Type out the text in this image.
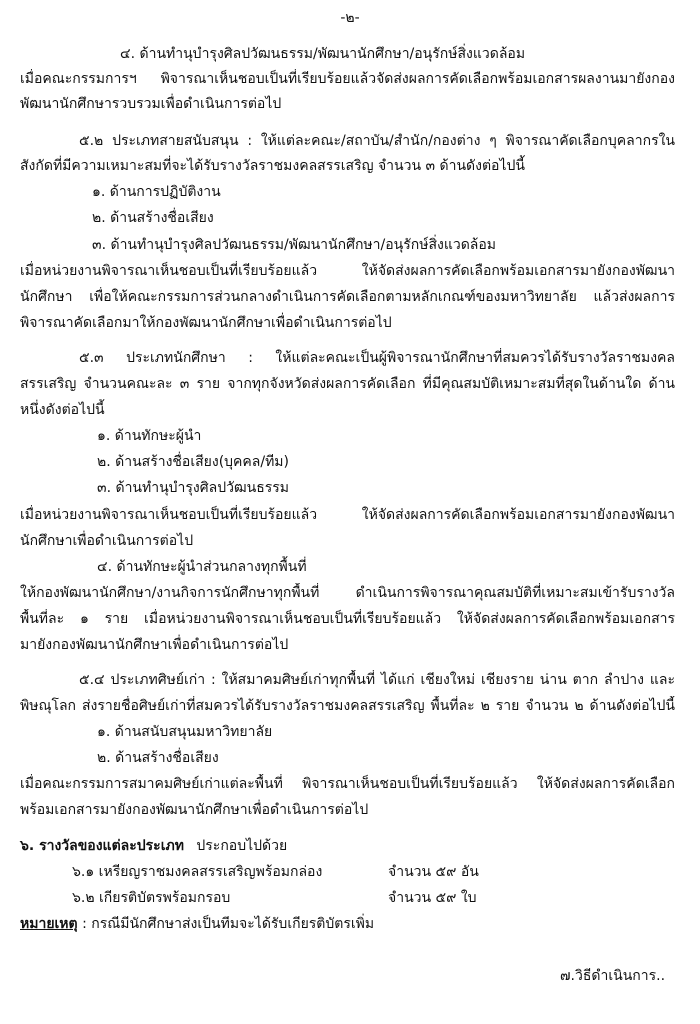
-๒-
๔. ด้านทำนุบำรุงศิลปวัฒนธรรม/พัฒนานักศึกษา/อนุรักษ์สิ่งแวดล้อม
เมื่อคณะกรรมการฯ พิจารณาเห็นชอบเป็นที่เรียบร้อยแล้วจัดส่งผลการคัดเลือกพร้อมเอกสารผลงานมายังกอง
พัฒนานักศึกษารวบรวมเพื่อดำเนินการต่อไป
๕.๒ ประเภทสายสนับสนุน : ให้แต่ละคณะ/สถาบัน/สำนัก/กองต่าง ๆ พิจารณาคัดเลือกบุคลากรใน
สังกัดที่มีความเหมาะสมที่จะได้รับรางวัลราชมงคลสรรเสริญ จำนวน ๓ ด้านดังต่อไปนี้
๑. ด้านการปฏิบัติงาน
๒. ด้านสร้างชื่อเสียง
๓. ด้านทำนุบำรุงศิลปวัฒนธรรม/พัฒนานักศึกษา/อนุรักษ์สิ่งแวดล้อม
เมื่อหน่วยงานพิจารณาเห็นชอบเป็นที่เรียบร้อยแล้ว ให้จัดส่งผลการคัดเลือกพร้อมเอกสารมายังกองพัฒนา
นักศึกษา เพื่อให้คณะกรรมการส่วนกลางดำเนินการคัดเลือกตามหลักเกณฑ์ของมหาวิทยาลัย แล้วส่งผลการ
พิจารณาคัดเลือกมาให้กองพัฒนานักศึกษาเพื่อดำเนินการต่อไป
๕.๓ ประเภทนักศึกษา : ให้แต่ละคณะเป็นผู้พิจารณานักศึกษาที่สมควรได้รับรางวัลราชมงคล
สรรเสริญ จำนวนคณะละ ๓ ราย จากทุกจังหวัดส่งผลการคัดเลือก ที่มีคุณสมบัติเหมาะสมที่สุดในด้านใด ด้าน
หนึ่งดังต่อไปนี้
๑. ด้านทักษะผู้นำ
๒. ด้านสร้างชื่อเสียง(บุคคล/ทีม)
๓. ด้านทำนุบำรุงศิลปวัฒนธรรม
เมื่อหน่วยงานพิจารณาเห็นชอบเป็นที่เรียบร้อยแล้ว ให้จัดส่งผลการคัดเลือกพร้อมเอกสารมายังกองพัฒนา
นักศึกษาเพื่อดำเนินการต่อไป
๔. ด้านทักษะผู้นำส่วนกลางทุกพื้นที่
ให้กองพัฒนานักศึกษา/งานกิจการนักศึกษาทุกพื้นที่ ดำเนินการพิจารณาคุณสมบัติที่เหมาะสมเข้ารับรางวัล
พื้นที่ละ ๑ ราย เมื่อหน่วยงานพิจารณาเห็นชอบเป็นที่เรียบร้อยแล้ว ให้จัดส่งผลการคัดเลือกพร้อมเอกสาร
มายังกองพัฒนานักศึกษาเพื่อดำเนินการต่อไป
๕.๔ ประเภทศิษย์เก่า : ให้สมาคมศิษย์เก่าทุกพื้นที่ ได้แก่ เชียงใหม่ เชียงราย น่าน ตาก ลำปาง และ
พิษณุโลก ส่งรายชื่อศิษย์เก่าที่สมควรได้รับรางวัลราชมงคลสรรเสริญ พื้นที่ละ ๒ ราย จำนวน ๒ ด้านดังต่อไปนี้
๑. ด้านสนับสนุนมหาวิทยาลัย
๒. ด้านสร้างชื่อเสียง
เมื่อคณะกรรมการสมาคมศิษย์เก่าแต่ละพื้นที่ พิจารณาเห็นชอบเป็นที่เรียบร้อยแล้ว ให้จัดส่งผลการคัดเลือก
พร้อมเอกสารมายังกองพัฒนานักศึกษาเพื่อดำเนินการต่อไป
๖. รางวัลของแต่ละประเภท ประกอบไปด้วย
๖.๑ เหรียญราชมงคลสรรเสริญพร้อมกล่อง	จำนวน ๕๙ อัน
๖.๒ เกียรติบัตรพร้อมกรอบ	จำนวน ๕๙ ใบ
หมายเหตุ : กรณีมีนักศึกษาส่งเป็นทีมจะได้รับเกียรติบัตรเพิ่ม
๗.วิธีดำเนินการ..
